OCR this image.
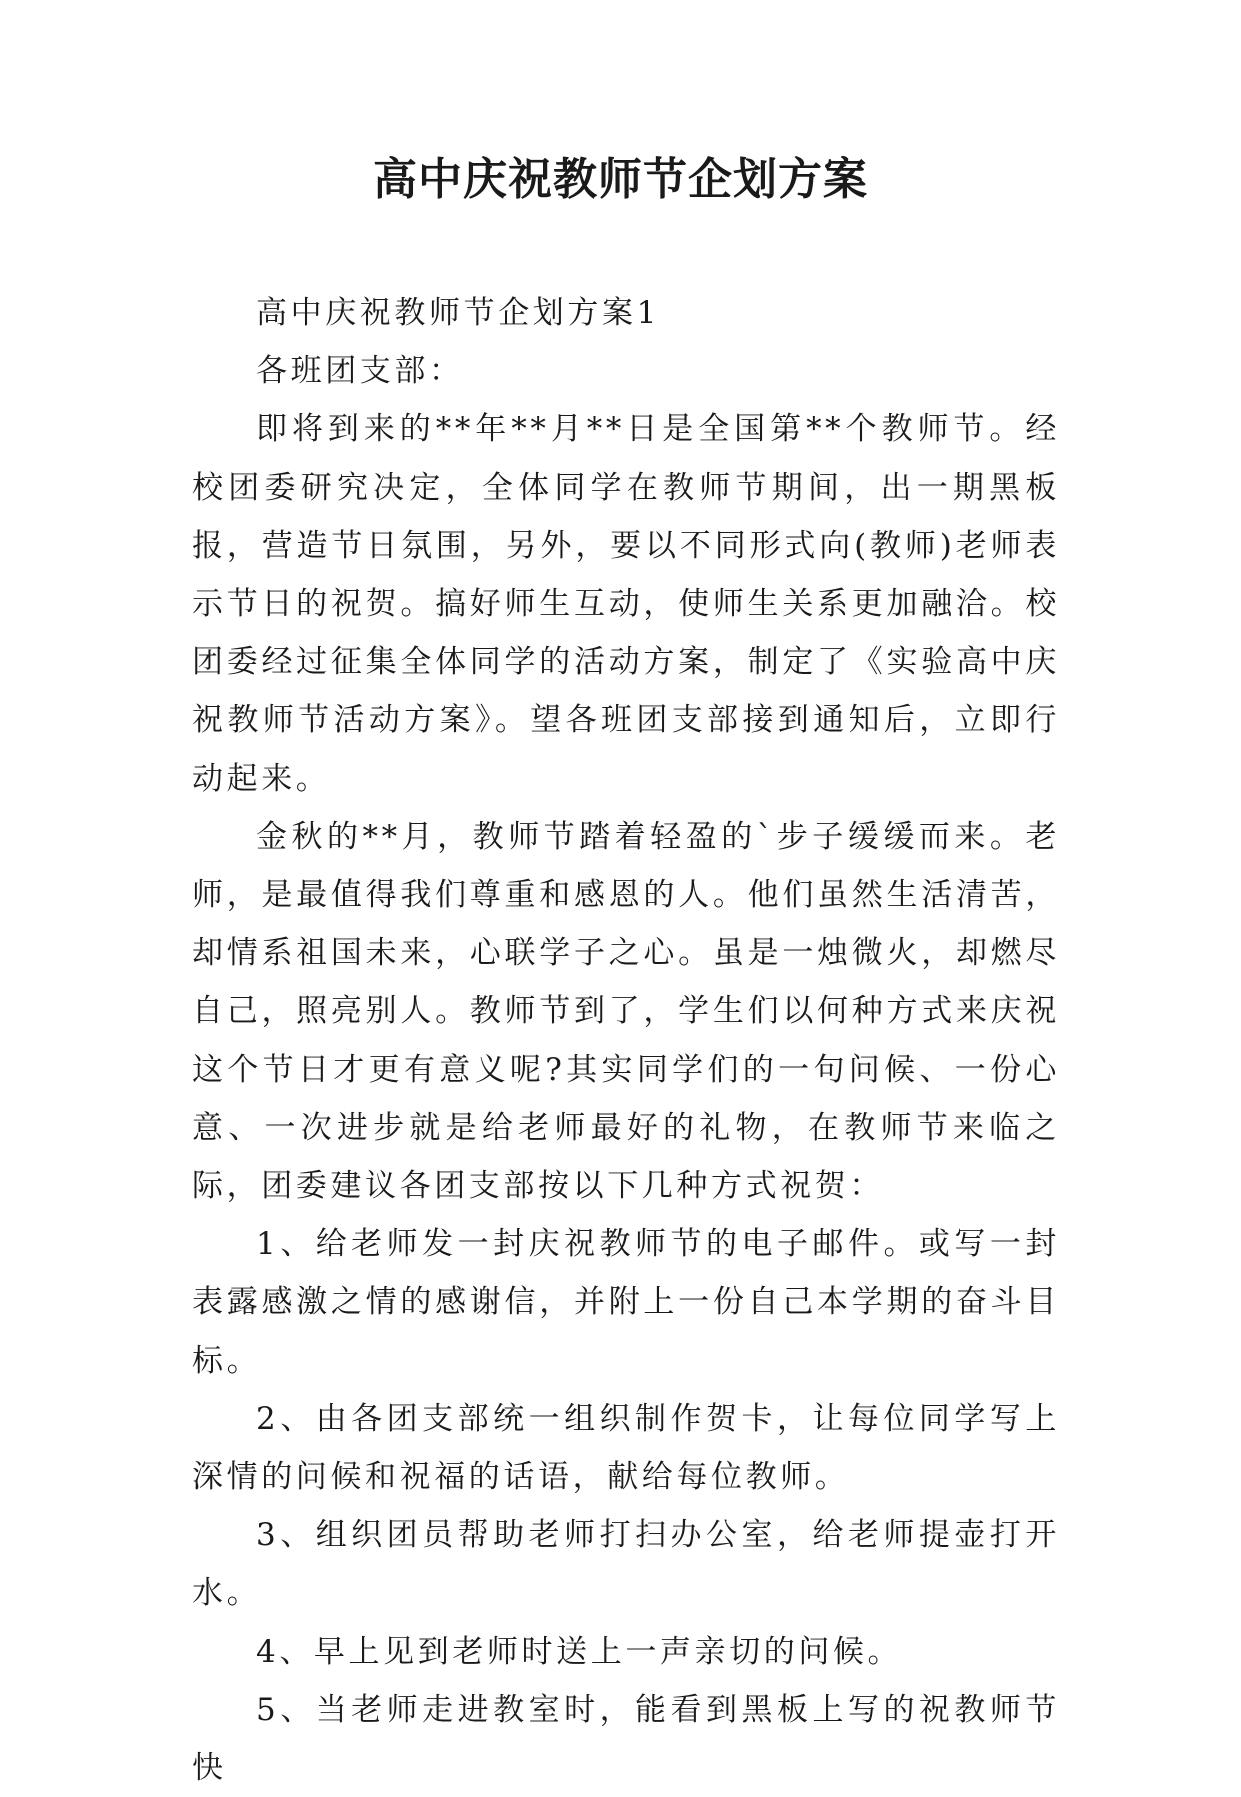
高中庆祝教师节企划方案

高中庆祝教师节企划方案1

各班团支部：

即将到来的**年**月**日是全国第**个教师节。经校团委研究决定，全体同学在教师节期间，出一期黑板报，营造节日氛围，另外，要以不同形式向(教师)老师表示节日的祝贺。搞好师生互动，使师生关系更加融洽。校团委经过征集全体同学的活动方案，制定了《实验高中庆祝教师节活动方案》。望各班团支部接到通知后，立即行动起来。

金秋的**月，教师节踏着轻盈的`步子缓缓而来。老师，是最值得我们尊重和感恩的人。他们虽然生活清苦，却情系祖国未来，心联学子之心。虽是一烛微火，却燃尽自己，照亮别人。教师节到了，学生们以何种方式来庆祝这个节日才更有意义呢?其实同学们的一句问候、一份心意、一次进步就是给老师最好的礼物，在教师节来临之际，团委建议各团支部按以下几种方式祝贺：

1、给老师发一封庆祝教师节的电子邮件。或写一封表露感激之情的感谢信，并附上一份自己本学期的奋斗目标。

2、由各团支部统一组织制作贺卡，让每位同学写上深情的问候和祝福的话语，献给每位教师。

3、组织团员帮助老师打扫办公室，给老师提壶打开水。

4、早上见到老师时送上一声亲切的问候。

5、当老师走进教室时，能看到黑板上写的祝教师节快
